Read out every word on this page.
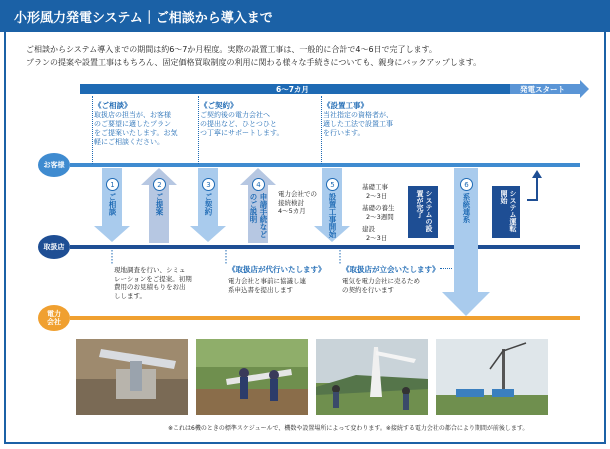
小形風力発電システム｜ご相談から導入まで

ご相談からシステム導入までの期間は約6〜7か月程度。実際の設置工事は、一般的に合計で4〜6日で完了します。

プランの提案や設置工事はもちろん、固定価格買取制度の利用に関わる様々な手続きについても、親身にバックアップします。

6〜7カ月	発電スタート

お客様
取扱店
電力
会社

《ご相談》

取扱店の担当が、お客様
のご要望に適したプラン
をご提案いたします。お気
軽にご相談ください。

《ご契約》

ご契約後の電力会社へ
の提出など、ひとつひと
つ丁寧にサポートします。

《設置工事》

当社指定の資格者が、
適した工法で設置工事
を行います。

1
ご相談
2
ご提案
3
ご契約
4
申請手続などのご説明
5
設置工事開始
6
系統連系

電力会社での
接続検討
4〜5カ月

基礎工事

2〜3日

基礎の養生

2〜3週間

建設

2〜3日

システムの設置が完了	システム運転開始

現地調査を行い、シミュ
レーションをご提案。初期
費用のお見積もりをお出
しします。

《取扱店が代行いたします》

電力会社と事前に協議し連
系申込書を提出します

《取扱店が立会いたします》

電気を電力会社に売るため
の契約を行います

※これは6機のときの標準スケジュールで、機数や設置場所によって変わります。※接続する電力会社の都合により期間が前後します。
